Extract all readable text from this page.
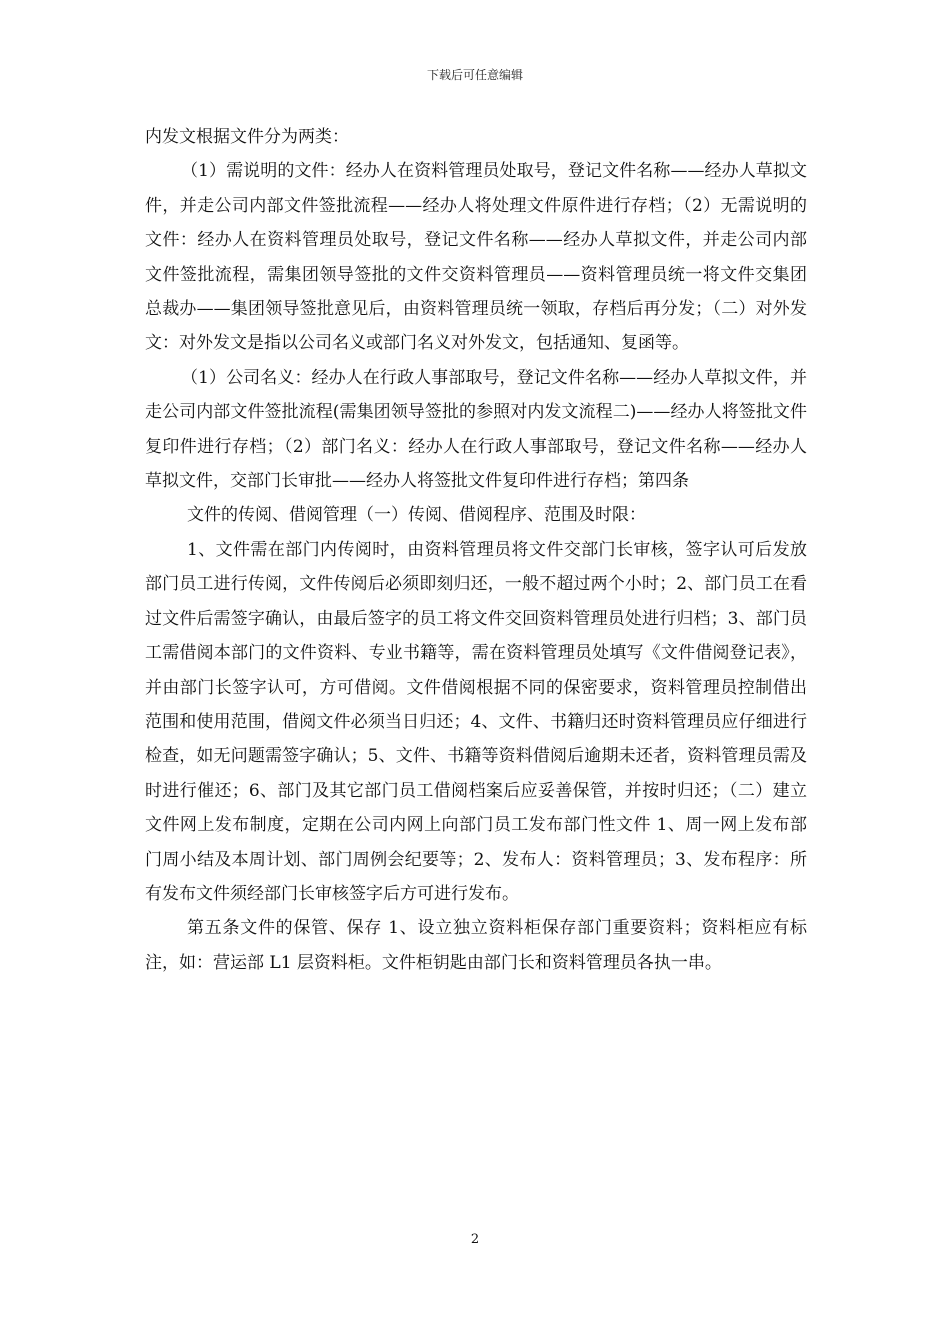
下载后可任意编辑

内发文根据文件分为两类：

（1）需说明的文件：经办人在资料管理员处取号，登记文件名称——经办人草拟文件，并走公司内部文件签批流程——经办人将处理文件原件进行存档；（2）无需说明的文件：经办人在资料管理员处取号，登记文件名称——经办人草拟文件，并走公司内部文件签批流程，需集团领导签批的文件交资料管理员——资料管理员统一将文件交集团总裁办——集团领导签批意见后，由资料管理员统一领取，存档后再分发；（二）对外发文：对外发文是指以公司名义或部门名义对外发文，包括通知、复函等。

（1）公司名义：经办人在行政人事部取号，登记文件名称——经办人草拟文件，并走公司内部文件签批流程(需集团领导签批的参照对内发文流程二)——经办人将签批文件复印件进行存档；（2）部门名义：经办人在行政人事部取号，登记文件名称——经办人草拟文件，交部门长审批——经办人将签批文件复印件进行存档；第四条

文件的传阅、借阅管理（一）传阅、借阅程序、范围及时限：

1、文件需在部门内传阅时，由资料管理员将文件交部门长审核，签字认可后发放部门员工进行传阅，文件传阅后必须即刻归还，一般不超过两个小时；2、部门员工在看过文件后需签字确认，由最后签字的员工将文件交回资料管理员处进行归档；3、部门员工需借阅本部门的文件资料、专业书籍等，需在资料管理员处填写《文件借阅登记表》，并由部门长签字认可，方可借阅。文件借阅根据不同的保密要求，资料管理员控制借出范围和使用范围，借阅文件必须当日归还；4、文件、书籍归还时资料管理员应仔细进行检查，如无问题需签字确认；5、文件、书籍等资料借阅后逾期未还者，资料管理员需及时进行催还；6、部门及其它部门员工借阅档案后应妥善保管，并按时归还；（二）建立文件网上发布制度，定期在公司内网上向部门员工发布部门性文件 1、周一网上发布部门周小结及本周计划、部门周例会纪要等；2、发布人：资料管理员；3、发布程序：所有发布文件须经部门长审核签字后方可进行发布。

第五条文件的保管、保存 1、设立独立资料柜保存部门重要资料；资料柜应有标注，如：营运部 L1 层资料柜。文件柜钥匙由部门长和资料管理员各执一串。

2
